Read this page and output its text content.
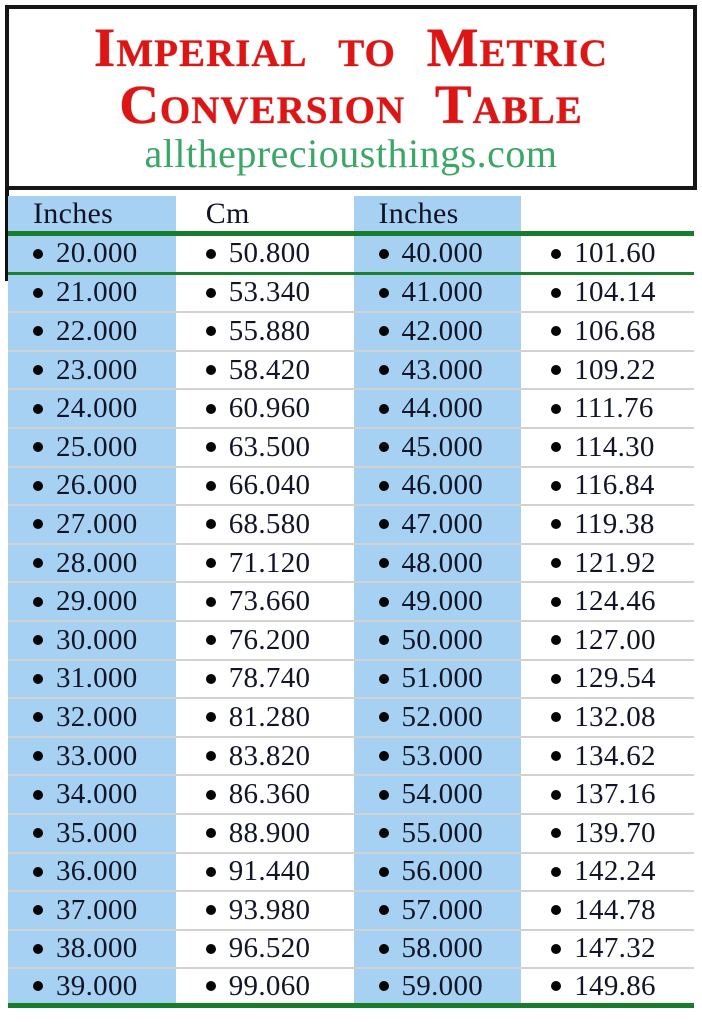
Imperial to Metric
Conversion Table
allthepreciousthings.com
Inches	Cm	Inches
20.000	50.800	40.000	101.60
21.000	53.340	41.000	104.14
22.000	55.880	42.000	106.68
23.000	58.420	43.000	109.22
24.000	60.960	44.000	111.76
25.000	63.500	45.000	114.30
26.000	66.040	46.000	116.84
27.000	68.580	47.000	119.38
28.000	71.120	48.000	121.92
29.000	73.660	49.000	124.46
30.000	76.200	50.000	127.00
31.000	78.740	51.000	129.54
32.000	81.280	52.000	132.08
33.000	83.820	53.000	134.62
34.000	86.360	54.000	137.16
35.000	88.900	55.000	139.70
36.000	91.440	56.000	142.24
37.000	93.980	57.000	144.78
38.000	96.520	58.000	147.32
39.000	99.060	59.000	149.86
